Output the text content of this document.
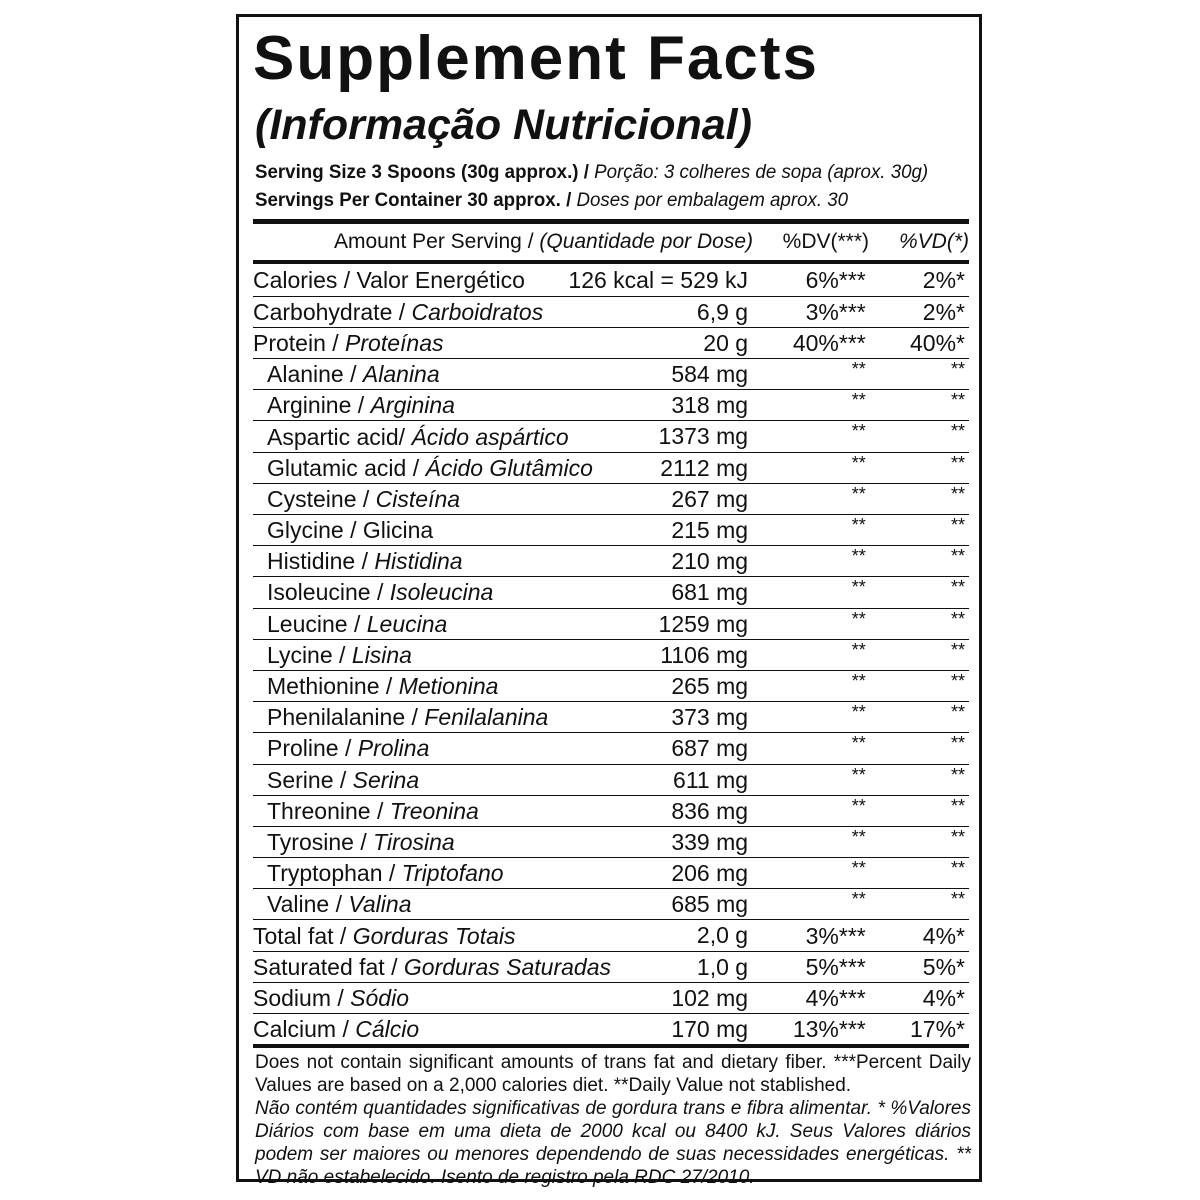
Supplement Facts
(Informação Nutricional)
Serving Size 3 Spoons (30g approx.) / Porção: 3 colheres de sopa (aprox. 30g)
Servings Per Container 30 approx. / Doses por embalagem aprox. 30
Amount Per Serving / (Quantidade por Dose) %DV(***) %VD(*)
Calories / Valor Energético	126 kcal = 529 kJ	6%***	2%*
Carbohydrate / Carboidratos	6,9 g	3%***	2%*
Protein / Proteínas	20 g	40%***	40%*
Alanine / Alanina	584 mg	**	**
Arginine / Arginina	318 mg	**	**
Aspartic acid/ Ácido aspártico	1373 mg	**	**
Glutamic acid / Ácido Glutâmico	2112 mg	**	**
Cysteine / Cisteína	267 mg	**	**
Glycine / Glicina	215 mg	**	**
Histidine / Histidina	210 mg	**	**
Isoleucine / Isoleucina	681 mg	**	**
Leucine / Leucina	1259 mg	**	**
Lycine / Lisina	1106 mg	**	**
Methionine / Metionina	265 mg	**	**
Phenilalanine / Fenilalanina	373 mg	**	**
Proline / Prolina	687 mg	**	**
Serine / Serina	611 mg	**	**
Threonine / Treonina	836 mg	**	**
Tyrosine / Tirosina	339 mg	**	**
Tryptophan / Triptofano	206 mg	**	**
Valine / Valina	685 mg	**	**
Total fat / Gorduras Totais	2,0 g	3%***	4%*
Saturated fat / Gorduras Saturadas	1,0 g	5%***	5%*
Sodium / Sódio	102 mg	4%***	4%*
Calcium / Cálcio	170 mg	13%***	17%*

Does not contain significant amounts of trans fat and dietary fiber. ***Percent Daily Values are based on a 2,000 calories diet. **Daily Value not stablished.

Não contém quantidades significativas de gordura trans e fibra alimentar. * %Valores Diários com base em uma dieta de 2000 kcal ou 8400 kJ. Seus Valores diários podem ser maiores ou menores dependendo de suas necessidades energéticas. ** VD não estabelecido. Isento de registro pela RDC 27/2010.
